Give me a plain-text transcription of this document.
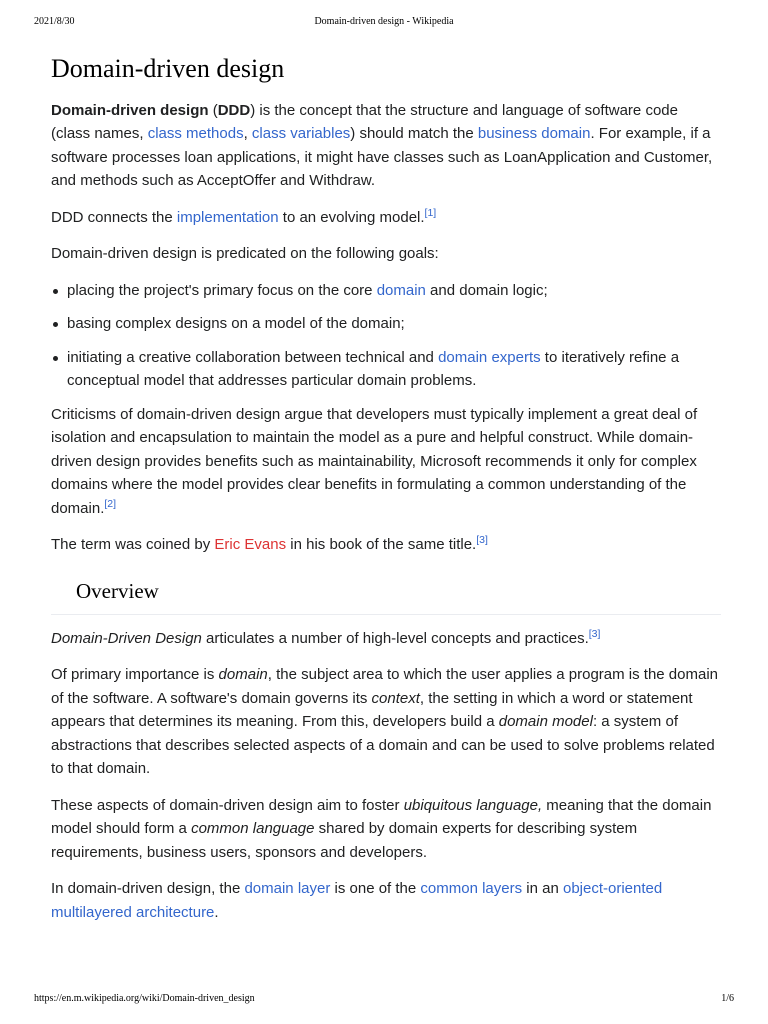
2021/8/30	Domain-driven design - Wikipedia
Domain-driven design

Domain-driven design (DDD) is the concept that the structure and language of software code (class names, class methods, class variables) should match the business domain. For example, if a software processes loan applications, it might have classes such as LoanApplication and Customer, and methods such as AcceptOffer and Withdraw.

DDD connects the implementation to an evolving model.[1]

Domain-driven design is predicated on the following goals:

placing the project's primary focus on the core domain and domain logic;
basing complex designs on a model of the domain;
initiating a creative collaboration between technical and domain experts to iteratively refine a conceptual model that addresses particular domain problems.

Criticisms of domain-driven design argue that developers must typically implement a great deal of isolation and encapsulation to maintain the model as a pure and helpful construct. While domain-driven design provides benefits such as maintainability, Microsoft recommends it only for complex domains where the model provides clear benefits in formulating a common understanding of the domain.[2]

The term was coined by Eric Evans in his book of the same title.[3]

Overview

Domain-Driven Design articulates a number of high-level concepts and practices.[3]

Of primary importance is domain, the subject area to which the user applies a program is the domain of the software. A software's domain governs its context, the setting in which a word or statement appears that determines its meaning. From this, developers build a domain model: a system of abstractions that describes selected aspects of a domain and can be used to solve problems related to that domain.

These aspects of domain-driven design aim to foster ubiquitous language, meaning that the domain model should form a common language shared by domain experts for describing system requirements, business users, sponsors and developers.

In domain-driven design, the domain layer is one of the common layers in an object-oriented multilayered architecture.

https://en.m.wikipedia.org/wiki/Domain-driven_design	1/6
